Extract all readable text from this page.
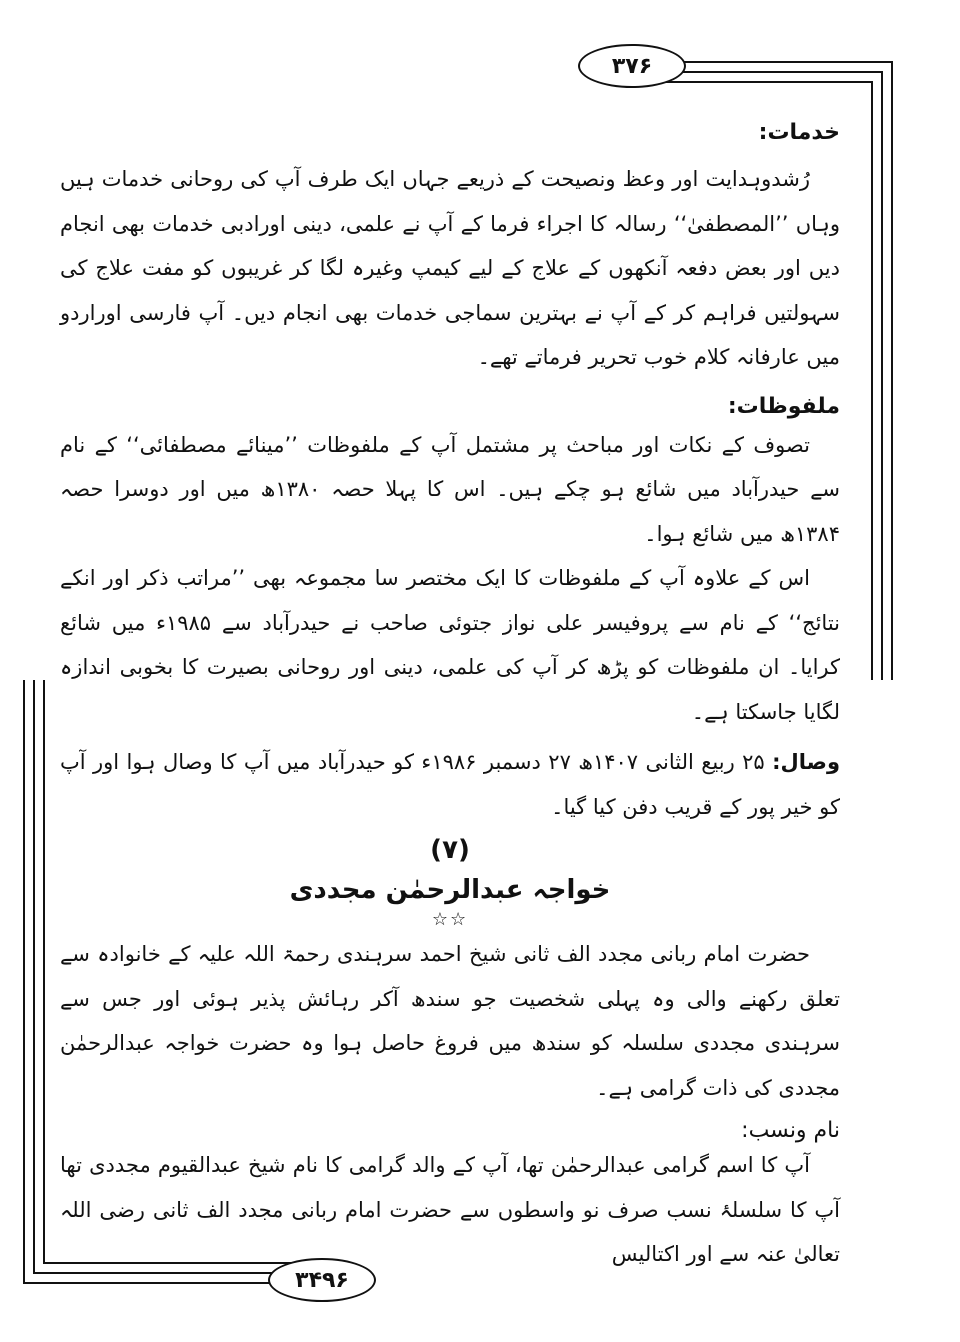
۳۷۶
۳۴۹۶

خدمات:

رُشدوہدایت اور وعظ ونصیحت کے ذریعے جہاں ایک طرف آپ کی روحانی خدمات ہیں وہاں ’’المصطفیٰ‘‘ رسالہ کا اجراء فرما کے آپ نے علمی، دینی اورادبی خدمات بھی انجام دیں اور بعض دفعہ آنکھوں کے علاج کے لیے کیمپ وغیرہ لگا کر غریبوں کو مفت علاج کی سہولتیں فراہم کر کے آپ نے بہترین سماجی خدمات بھی انجام دیں۔ آپ فارسی اوراردو میں عارفانہ کلام خوب تحریر فرماتے تھے۔

ملفوظات:

تصوف کے نکات اور مباحث پر مشتمل آپ کے ملفوظات ’’مینائے مصطفائی‘‘ کے نام سے حیدرآباد میں شائع ہو چکے ہیں۔ اس کا پہلا حصہ ۱۳۸۰ھ میں اور دوسرا حصہ ۱۳۸۴ھ میں شائع ہوا۔

اس کے علاوہ آپ کے ملفوظات کا ایک مختصر سا مجموعہ بھی ’’مراتب ذکر اور انکے نتائج‘‘ کے نام سے پروفیسر علی نواز جتوئی صاحب نے حیدرآباد سے ۱۹۸۵ء میں شائع کرایا۔ ان ملفوظات کو پڑھ کر آپ کی علمی، دینی اور روحانی بصیرت کا بخوبی اندازہ لگایا جاسکتا ہے۔

وصال: ۲۵ ربیع الثانی ۱۴۰۷ھ ۲۷ دسمبر ۱۹۸۶ء کو حیدرآباد میں آپ کا وصال ہوا اور آپ کو خیر پور کے قریب دفن کیا گیا۔

(۷)

خواجہ عبدالرحمٰن مجددی

☆☆

حضرت امام ربانی مجدد الف ثانی شیخ احمد سرہندی رحمۃ اللہ علیہ کے خانوادہ سے تعلق رکھنے والی وہ پہلی شخصیت جو سندھ آکر رہائش پذیر ہوئی اور جس سے سرہندی مجددی سلسلہ کو سندھ میں فروغ حاصل ہوا وہ حضرت خواجہ عبدالرحمٰن مجددی کی ذات گرامی ہے۔

نام ونسب:

آپ کا اسم گرامی عبدالرحمٰن تھا، آپ کے والد گرامی کا نام شیخ عبدالقیوم مجددی تھا آپ کا سلسلۂ نسب صرف نو واسطوں سے حضرت امام ربانی مجدد الف ثانی رضی اللہ تعالیٰ عنہ سے اور اکتالیس
